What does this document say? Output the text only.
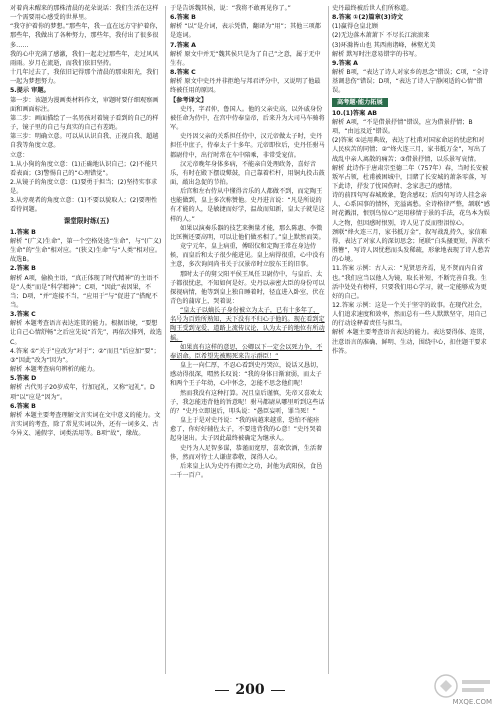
对着尚未醒来的那株清晨的花朵说话：我们生活在这样一个需要用心感受的世界里。

“我守护着你的梦想。”那些年，我一直在远方守护着你，那些年，我做出了各种努力，那些年，我付出了很多很多……

我的心中充满了感激，我们一起走过那些年，走过风风雨雨。岁月在流逝，而我们依旧坚持。

十几年过去了，我依旧记得那个清晨的那束阳光，我们一起为梦想努力。

5.提示 审题。

第一步：该题为漫画类材料作文，审题时要仔细观察画面和画面标注。

第二步：画面描绘了一名男孩对着镜子看到的自己的样子，镜子里的自己与真实的自己有差距。

第三步：明确立意。可以从认识自我、正视自我、超越自我等角度立意。

立意：

1.从小狗的角度立意：(1)正确地认识自己；(2)不能只看表面；(3)警惕自己的“心理错觉”。

2.从镜子的角度立意：(1)要勇于担当；(2)坚持实事求是。

3.从旁观者的角度立意：(1)不要以貌取人；(2)要理性看待问题。

课堂限时练(五)

1.答案 B

解析 “(广义)生命”，第一个空格处选“生命”，与“(广义)生命”的“生命”相对应。“(狭义)生命”与“人类”相对应。故选B。

2.答案 B

解析 A项，偷换主语，“真正体现了时代精神”的主语不是“人类”而是“科学精神”；C项，“因此”表因果，不当；D项，“并”连接不当，“应用于”与“促进了”搭配不当。

3.答案 C

解析 本题考查语言表达连贯的能力。根据语境，“要想让自己心情舒畅”之后应先说“首先”，再依次排列，故选C。

4.答案 ①“关于”应改为“对于”；②“而且”后应加“要”；③“因此”改为“因为”。

解析 本题考查病句辨析的能力。

5.答案 D

解析 古代男子20岁成年，行加冠礼，又称“冠礼”。D项“以”应是“因为”。

6.答案 B

解析 本题主要考查理解文言实词在文中意义的能力。文言实词的考查，除了常见实词以外，还有一词多义、古今异义、通假字、词类活用等。B项“故”，缘故。

于是告诉魏其侯，说：“我将不敢再见你了。”

6.答案 B

解析 “以”是介词，表示凭借，翻译为“用”；其他三项都是连词。

7.答案 A

解析 原文中并无“魏其侯只是为了自己”之意，属于无中生有。

8.答案 C

解析 原文中史丹并非拒绝与邦君评分中，又说明了他最终被任用的原因。

【参考译文】

史丹，字君仲，鲁国人。他的父亲史高，以外戚身份被任命为侍中，在宫中侍奉皇帝，后来升为大司马车骑将军。

史丹因父亲的关系担任侍中，汉元帝做太子时，史丹担任中庶子，侍奉太子十多年。元帝即位后，史丹任驸马都尉侍中，出行时常在车中陪乘，非常受宠信。

汉元帝晚年身体多病，不能亲自处理政务，喜好音乐，有时在殿下摆设鼙鼓，自己靠着栏杆，用铜丸投击鼓面，敲出急促的节拍。

后宫和左右侍从中懂得音乐的人都做不到，而定陶王也能做到，皇上多次称赞他。史丹进言说：“凡是所说的有才能的人，是敏捷而好学，温故而知新，皇太子就是这样的人。”

如果以演奏乐器的技艺来衡量才能，那么陈惠、李微比匡衡还要高明，可以让他们做丞相了。”皇上默然而笑。

竟宁元年，皇上病重，傅昭仪和定陶王常在身边侍候，而皇后和太子很少能进见。皇上病得很重，心中没有主意，多次询问尚书关于汉景帝时立胶东王的旧事。

那时太子的舅父阳平侯王凤任卫尉侍中，与皇后、太子都很忧虑，不知如何是好。史丹以亲密大臣的身份可以探视病情，他等到皇上独自睡着时，径直进入卧室，伏在青色的蒲席上，哭着说：

“皇太子以嫡长子身份被立为太子，已有十多年了，名号为百姓所熟知，天下没有不归心于他的。现在看到定陶王受到宠爱，道路上流传议论，认为太子的地位有所动摇。

如果真有这样的意思，公卿以下一定会以死力争，不奉诏命。臣希望先被赐死来告示群臣！”

皇上一向仁厚，不忍心看到史丹哭泣，说话又恳切，感动得很深，喟然长叹说：“我的身体日渐衰弱，而太子和两个王子年幼，心中怀念，怎能不思念他们呢！

然而我没有这种打算。况且皇后谨慎，先帝又喜欢太子，我怎能违背他的旨意呢！驸马都尉从哪里听到这些话的？”史丹立即退后，叩头说：“愚臣妄听，罪当死！”

皇上于是对史丹说：“我的病越来越重，恐怕不能痊愈了，你好好辅佐太子，不要违背我的心意！”史丹哭着起身退出。太子因此最终被确定为继承人。

史丹为人足智多谋，恭谨而宽厚，喜欢饮酒，生活奢侈，然而对待士人谦虚恭敬，深得人心。

后来皇上认为史丹有拥立之功，封他为武阳侯，食邑一千一百户。

史丹最终被后世人们所称道。

8.答案 ①(2)篇章(3)诗文

(1)赢得仓皇北顾

(2)无边落木萧萧下 不尽长江滚滚来

(3)环滁皆山也 其西南诸峰，林壑尤美

解析 默写时注意易错字的书写。

9.答案 A

解析 B项，“表达了诗人对家乡的思念”错误；C项，“全诗基调悲伤”错误；D项，“表达了诗人宁静闲适的心情”错误。

高考题·能力拓展

10.(1)答案 AB

解析 A项，“不是借景抒情”错误，应为借景抒情；B项，“由远及近”错误。

(2)答案 ①运用典故，表达了杜甫对国家命运的忧虑和对人民疾苦的同情；②“烽火连三月，家书抵万金”，写出了战乱中亲人离散的痛苦；③借景抒情，以乐景写哀情。

解析 此诗作于唐肃宗至德二年（757年）春，当时长安被叛军占领，杜甫被困城中，目睹了长安城的萧条零落，写下此诗，抒发了忧国伤时、念家悲己的感情。

诗的前四句写春城败象，饱含感叹；后四句写诗人挂念亲人、心系国事的情怀，充溢离愁。全诗格律严整，颔联“感时花溅泪，恨别鸟惊心”运用移情于景的手法，花鸟本为娱人之物，但因感时恨别，诗人见了反而堕泪惊心。

颈联“烽火连三月，家书抵万金”，叙写战乱持久，家信难得，表达了对家人的深切思念；尾联“白头搔更短，浑欲不胜簪”，写诗人因忧愁而头发稀疏，形象地表现了诗人愁苦的心境。

11.答案 示例：古人云：“见贤思齐焉，见不贤而内自省也。”我们应当以他人为镜，取长补短，不断完善自我。生活中处处有榜样，只要我们用心学习，就一定能够成为更好的自己。

12.答案 示例：这是一个关于坚守的故事。在现代社会，人们追求速度和效率，然而总有一些人默默坚守，用自己的行动诠释着责任与担当。

解析 本题主要考查语言表达的能力。表达要得体、连贯，注意语言的准确、鲜明、生动，围绕中心，扣住题干要求作答。

200
MXQE.COM
